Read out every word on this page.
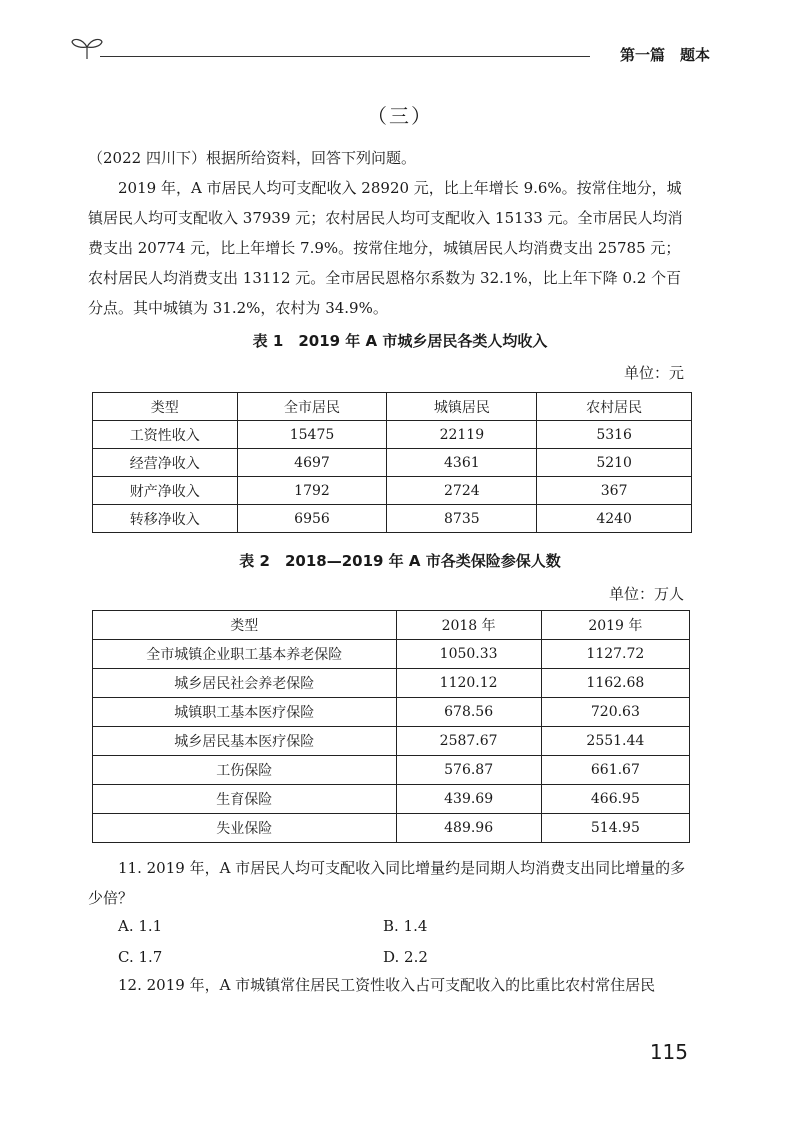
第一篇　题本
（三）

（2022 四川下）根据所给资料，回答下列问题。

2019 年，A 市居民人均可支配收入 28920 元，比上年增长 9.6%。按常住地分，城镇居民人均可支配收入 37939 元；农村居民人均可支配收入 15133 元。全市居民人均消费支出 20774 元，比上年增长 7.9%。按常住地分，城镇居民人均消费支出 25785 元；农村居民人均消费支出 13112 元。全市居民恩格尔系数为 32.1%，比上年下降 0.2 个百分点。其中城镇为 31.2%，农村为 34.9%。

表 1　2019 年 A 市城乡居民各类人均收入
单位：元
类型	全市居民	城镇居民	农村居民
工资性收入	15475	22119	5316
经营净收入	4697	4361	5210
财产净收入	1792	2724	367
转移净收入	6956	8735	4240
表 2　2018—2019 年 A 市各类保险参保人数
单位：万人
类型	2018 年	2019 年
全市城镇企业职工基本养老保险	1050.33	1127.72
城乡居民社会养老保险	1120.12	1162.68
城镇职工基本医疗保险	678.56	720.63
城乡居民基本医疗保险	2587.67	2551.44
工伤保险	576.87	661.67
生育保险	439.69	466.95
失业保险	489.96	514.95

11. 2019 年，A 市居民人均可支配收入同比增量约是同期人均消费支出同比增量的多少倍？

A. 1.1	B. 1.4
C. 1.7	D. 2.2

12. 2019 年，A 市城镇常住居民工资性收入占可支配收入的比重比农村常住居民

115
